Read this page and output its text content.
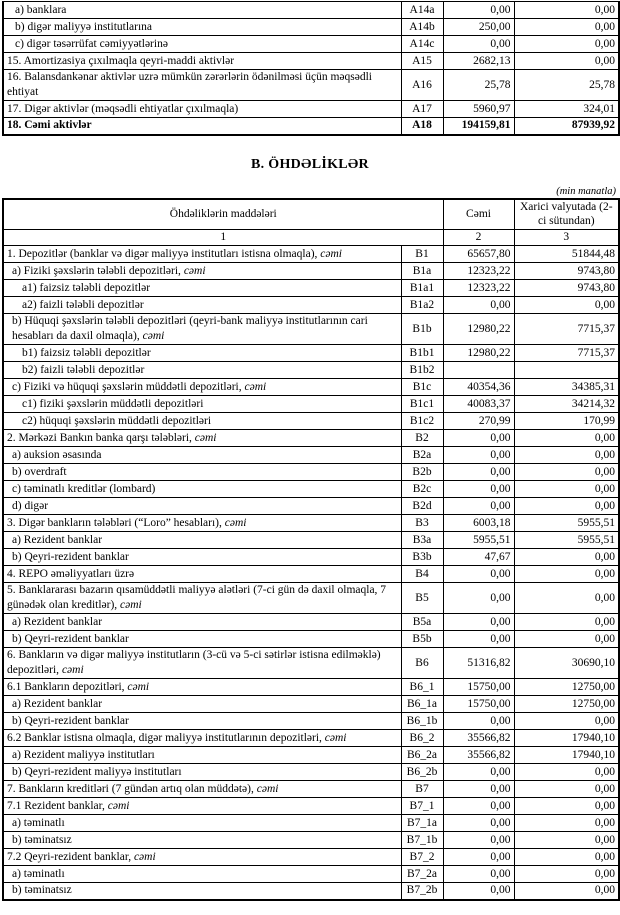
a) banklara	A14a	0,00	0,00
b) digər maliyyə institutlarına	A14b	250,00	0,00
c) digər təsərrüfat cəmiyyətlərinə	A14c	0,00	0,00
15. Amortizasiya çıxılmaqla qeyri-maddi aktivlər	A15	2682,13	0,00
16. Balansdankənar aktivlər uzrə mümkün zərərlərin ödənilməsi üçün məqsədli ehtiyat	A16	25,78	25,78
17. Digər aktivlər (məqsədli ehtiyatlar çıxılmaqla)	A17	5960,97	324,01
18. Cəmi aktivlər	A18	194159,81	87939,92
B. ÖHDƏLİKLƏR
(min manatla)
Öhdəliklərin maddələri		Cəmi	Xarici valyutada (2-ci sütundan)
1		2	3
1. Depozitlər (banklar və digər maliyyə institutları istisna olmaqla), cəmi	B1	65657,80	51844,48
a) Fiziki şəxslərin tələbli depozitləri, cəmi	B1a	12323,22	9743,80
a1) faizsiz tələbli depozitlər	B1a1	12323,22	9743,80
a2) faizli tələbli depozitlər	B1a2	0,00	0,00
b) Hüquqi şəxslərin tələbli depozitləri (qeyri-bank maliyyə institutlarının cari hesabları da daxil olmaqla), cəmi	B1b	12980,22	7715,37
b1) faizsiz tələbli depozitlər	B1b1	12980,22	7715,37
b2) faizli tələbli depozitlər	B1b2		
c) Fiziki və hüquqi şəxslərin müddətli depozitləri, cəmi	B1c	40354,36	34385,31
c1) fiziki şəxslərin müddətli depozitləri	B1c1	40083,37	34214,32
c2) hüquqi şəxslərin müddətli depozitləri	B1c2	270,99	170,99
2. Mərkəzi Bankın banka qarşı tələbləri, cəmi	B2	0,00	0,00
a) auksion əsasında	B2a	0,00	0,00
b) overdraft	B2b	0,00	0,00
c) təminatlı kreditlər (lombard)	B2c	0,00	0,00
d) digər	B2d	0,00	0,00
3. Digər bankların tələbləri (“Loro” hesabları), cəmi	B3	6003,18	5955,51
a) Rezident banklar	B3a	5955,51	5955,51
b) Qeyri-rezident banklar	B3b	47,67	0,00
4. REPO əməliyyatları üzrə	B4	0,00	0,00
5. Banklararası bazarın qısamüddətli maliyyə alətləri (7-ci gün də daxil olmaqla, 7 günədək olan kreditlər), cəmi	B5	0,00	0,00
a) Rezident banklar	B5a	0,00	0,00
b) Qeyri-rezident banklar	B5b	0,00	0,00
6. Bankların və digər maliyyə institutların (3-cü və 5-ci sətirlər istisna edilməklə) depozitləri, cəmi	B6	51316,82	30690,10
6.1 Bankların depozitləri, cəmi	B6_1	15750,00	12750,00
a) Rezident banklar	B6_1a	15750,00	12750,00
b) Qeyri-rezident banklar	B6_1b	0,00	0,00
6.2 Banklar istisna olmaqla, digər maliyyə institutlarının depozitləri, cəmi	B6_2	35566,82	17940,10
a) Rezident maliyyə institutları	B6_2a	35566,82	17940,10
b) Qeyri-rezident maliyyə institutları	B6_2b	0,00	0,00
7. Bankların kreditləri (7 gündən artıq olan müddətə), cəmi	B7	0,00	0,00
7.1 Rezident banklar, cəmi	B7_1	0,00	0,00
a) təminatlı	B7_1a	0,00	0,00
b) təminatsız	B7_1b	0,00	0,00
7.2 Qeyri-rezident banklar, cəmi	B7_2	0,00	0,00
a) təminatlı	B7_2a	0,00	0,00
b) təminatsız	B7_2b	0,00	0,00
